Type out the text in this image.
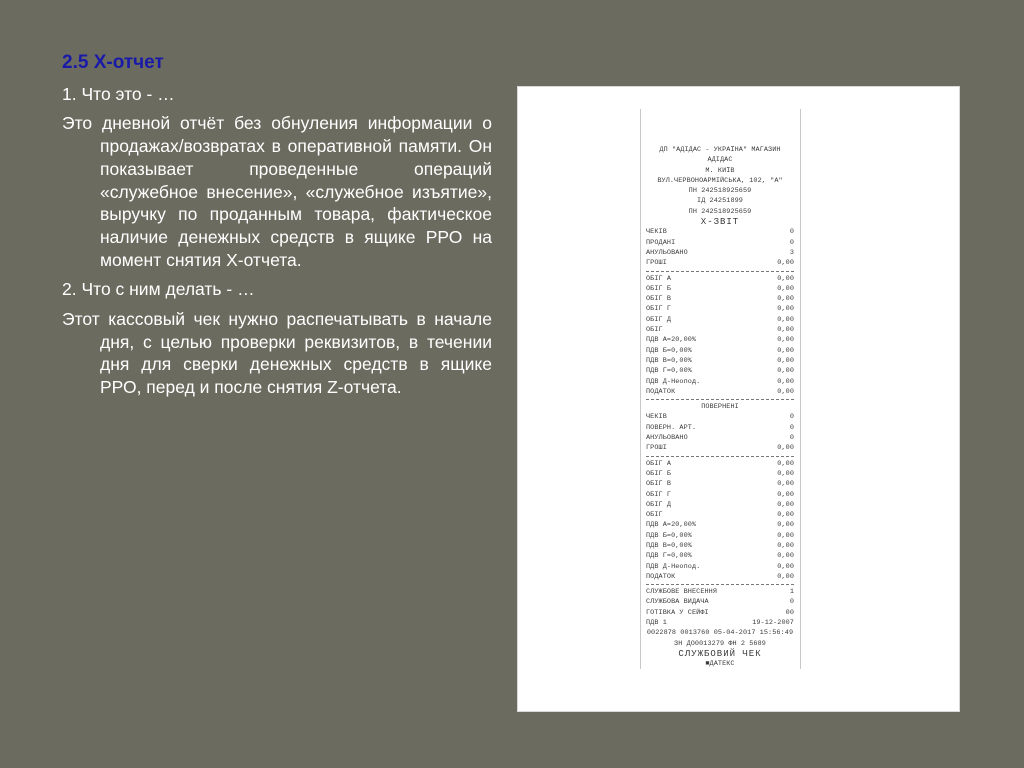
2.5 Х-отчет
1. Что это - …
Это дневной отчёт без обнуления информации о продажах/возвратах в оперативной памяти. Он показывает проведенные операций «служебное внесение», «служебное изъятие», выручку по проданным товара, фактическое наличие денежных средств в ящике РРО на момент снятия Х-отчета.
2. Что с ним делать - …
Этот кассовый чек нужно распечатывать в начале дня, с целью проверки реквизитов, в течении дня для сверки денежных средств в ящике РРО, перед и после снятия Z-отчета.
ДП "АДІДАС - УКРАЇНА" МАГАЗИН АДІДАС
М. КИЇВ
ВУЛ.ЧЕРВОНОАРМІЙСЬКА, 102, "А"
ПН 242518925659
ІД 24251899
ПН 242518925659
X-ЗВІТ
ЧЕКІВ	0
ПРОДАНІ	0
АНУЛЬОВАНО	3
ГРОШІ	0,00
ОБІГ А	0,00
ОБІГ Б	0,00
ОБІГ В	0,00
ОБІГ Г	0,00
ОБІГ Д	0,00
ОБІГ	0,00
ПДВ А=20,00%	0,00
ПДВ Б=0,00%	0,00
ПДВ В=0,00%	0,00
ПДВ Г=0,00%	0,00
ПДВ Д-Неопод.	0,00
ПОДАТОК	0,00
ПОВЕРНЕНІ
ЧЕКІВ	0
ПОВЕРН. АРТ.	0
АНУЛЬОВАНО	0
ГРОШІ	0,00
ОБІГ А	0,00
ОБІГ Б	0,00
ОБІГ В	0,00
ОБІГ Г	0,00
ОБІГ Д	0,00
ОБІГ	0,00
ПДВ А=20,00%	0,00
ПДВ Б=0,00%	0,00
ПДВ В=0,00%	0,00
ПДВ Г=0,00%	0,00
ПДВ Д-Неопод.	0,00
ПОДАТОК	0,00
СЛУЖБОВЕ ВНЕСЕННЯ	1
СЛУЖБОВА ВИДАЧА	0
ГОТІВКА У СЕЙФІ	00
ПДВ 1	19-12-2007
0022878 0013760 05-04-2017 15:56:49
ЗН ДО0013279 ФН 2 5689
СЛУЖБОВИЙ ЧЕК
■ДАТЕКС
